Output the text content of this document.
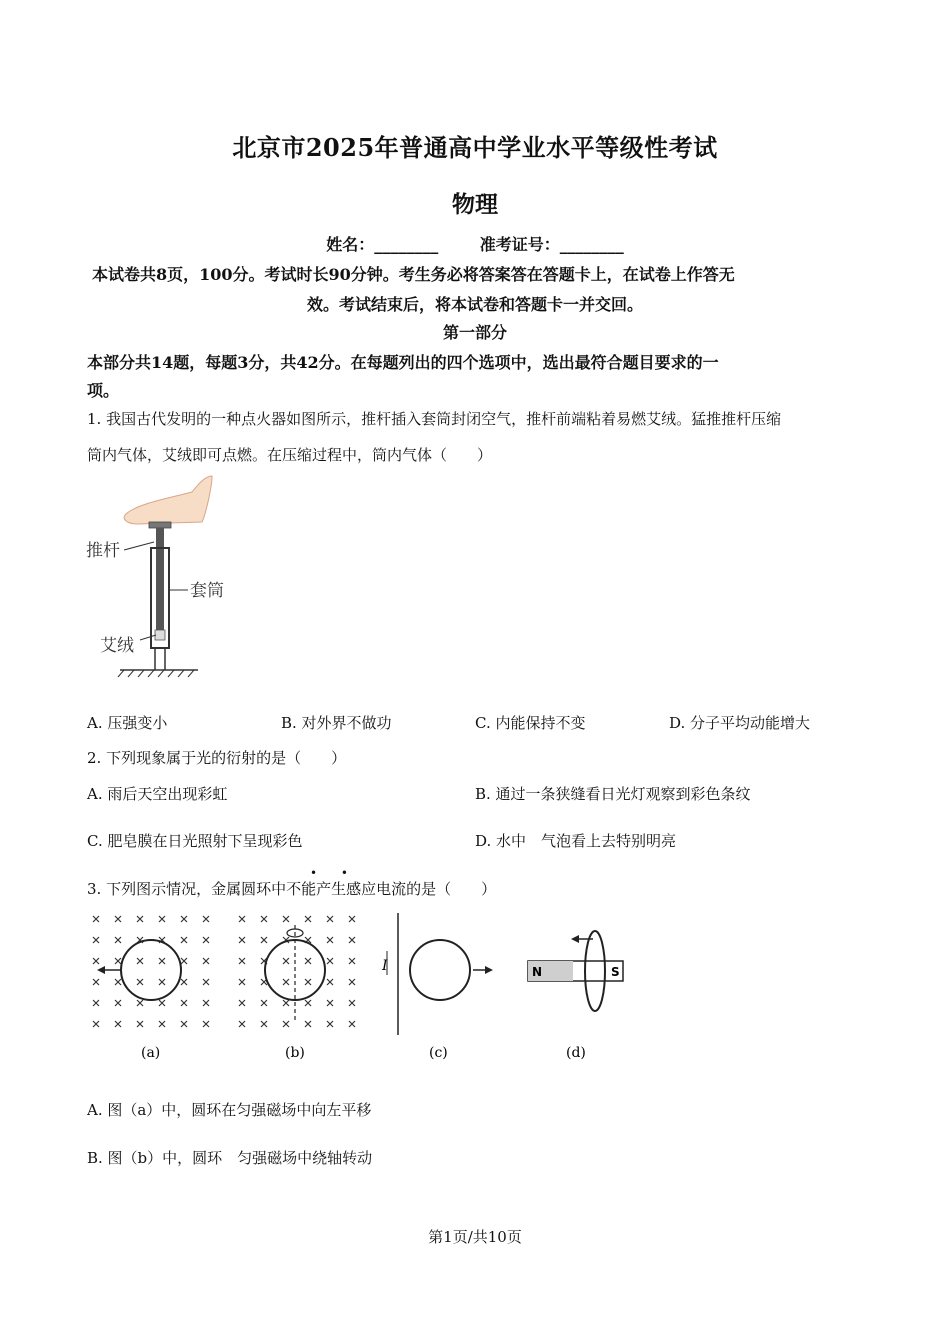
北京市2025年普通高中学业水平等级性考试
物理
姓名：________	准考证号：________
本试卷共8页，100分。考试时长90分钟。考生务必将答案答在答题卡上，在试卷上作答无
效。考试结束后，将本试卷和答题卡一并交回。
第一部分
本部分共14题，每题3分，共42分。在每题列出的四个选项中，选出最符合题目要求的一
项。
1. 我国古代发明的一种点火器如图所示，推杆插入套筒封闭空气，推杆前端粘着易燃艾绒。猛推推杆压缩
筒内气体，艾绒即可点燃。在压缩过程中，筒内气体（　　）
推杆
套筒
艾绒
A. 压强变小	B. 对外界不做功	C. 内能保持不变	D. 分子平均动能增大
2. 下列现象属于光的衍射的是（　　）
A. 雨后天空出现彩虹	B. 通过一条狭缝看日光灯观察到彩色条纹
C. 肥皂膜在日光照射下呈现彩色	D. 水中　气泡看上去特别明亮
• •
3. 下列图示情况，金属圆环中不能产生感应电流的是（　　）
(a)	(b)
I
(c)
N	S
(d)
A. 图（a）中，圆环在匀强磁场中向左平移
B. 图（b）中，圆环　匀强磁场中绕轴转动
第1页/共10页
